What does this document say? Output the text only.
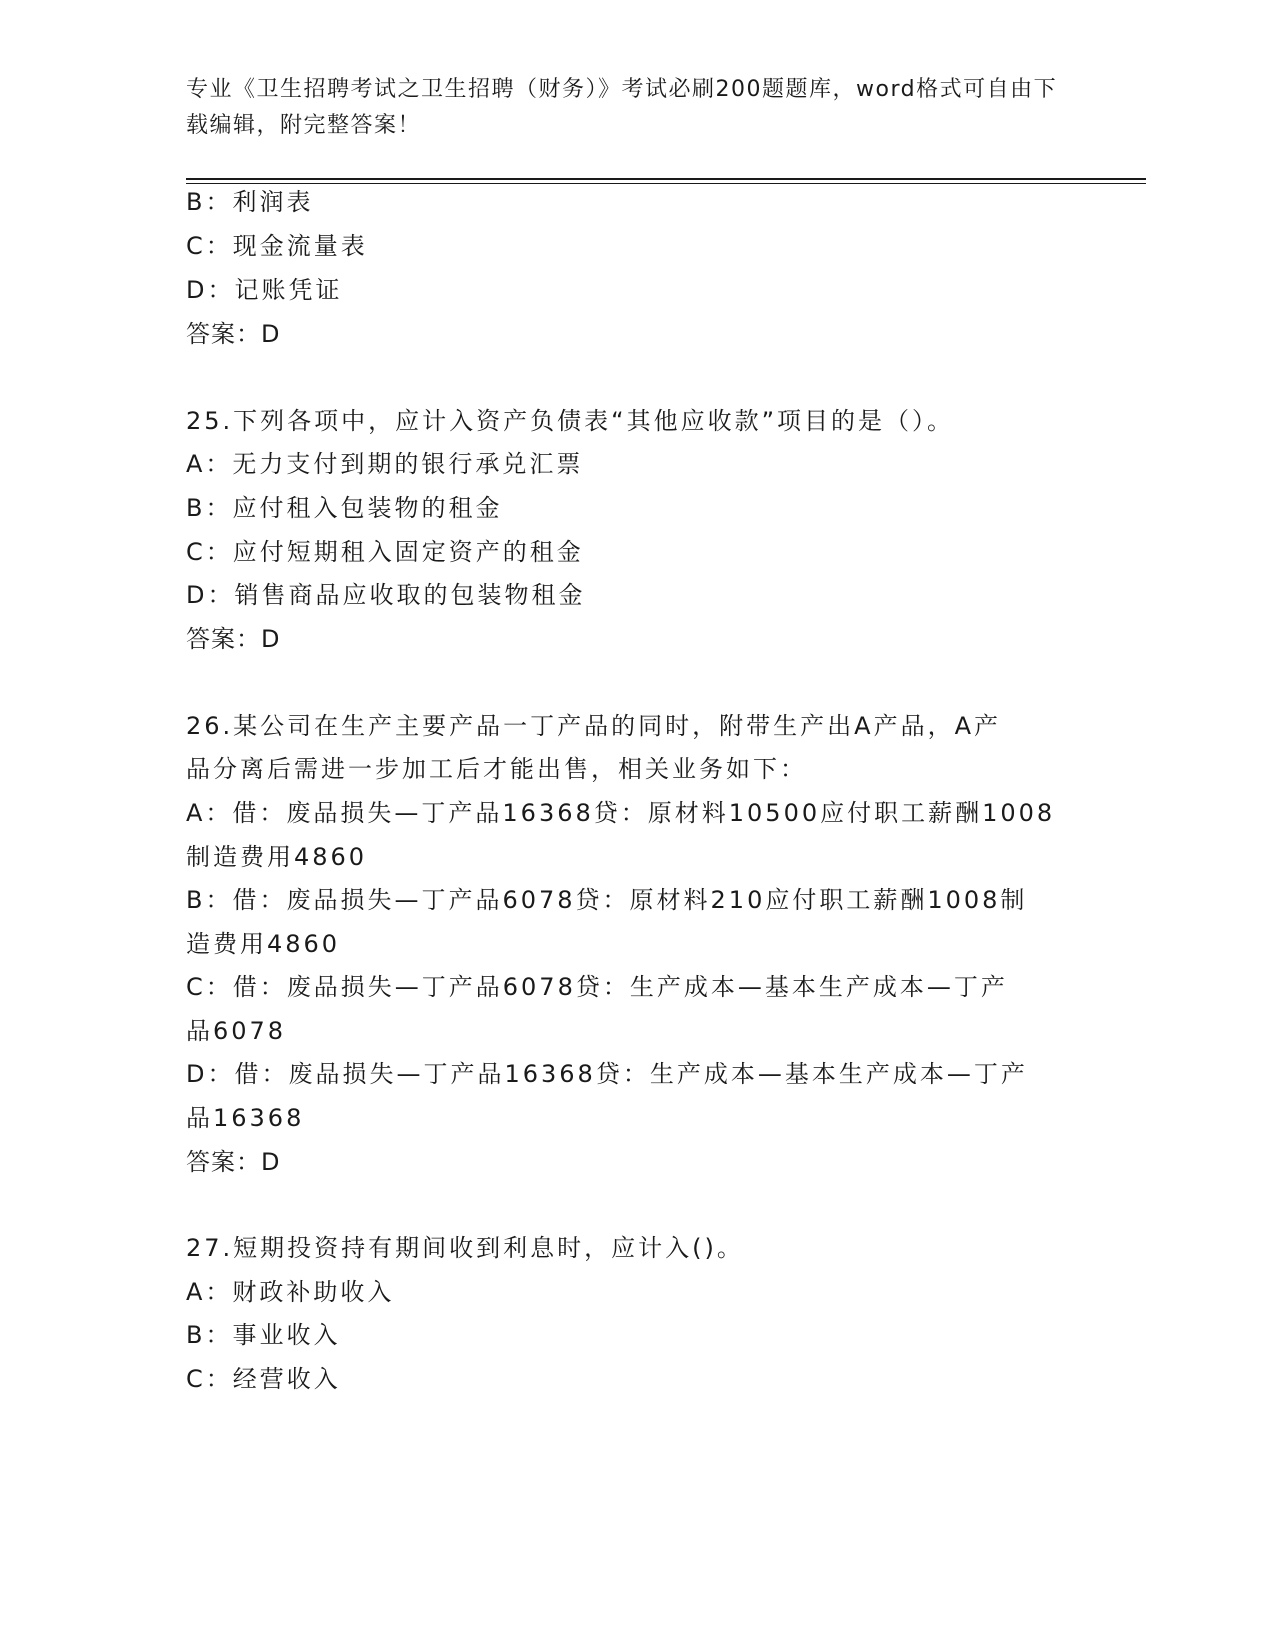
专业《卫生招聘考试之卫生招聘（财务）》考试必刷200题题库，word格式可自由下载编辑，附完整答案！
B：利润表
C：现金流量表
D：记账凭证
答案：D
25.下列各项中，应计入资产负债表“其他应收款”项目的是（）。
A：无力支付到期的银行承兑汇票
B：应付租入包装物的租金
C：应付短期租入固定资产的租金
D：销售商品应收取的包装物租金
答案：D
26.某公司在生产主要产品一丁产品的同时，附带生产出A产品，A产
品分离后需进一步加工后才能出售，相关业务如下：
A：借：废品损失—丁产品16368贷：原材料10500应付职工薪酬1008
制造费用4860
B：借：废品损失—丁产品6078贷：原材料210应付职工薪酬1008制
造费用4860
C：借：废品损失—丁产品6078贷：生产成本—基本生产成本—丁产
品6078
D：借：废品损失—丁产品16368贷：生产成本—基本生产成本—丁产
品16368
答案：D
27.短期投资持有期间收到利息时，应计入()。
A：财政补助收入
B：事业收入
C：经营收入
